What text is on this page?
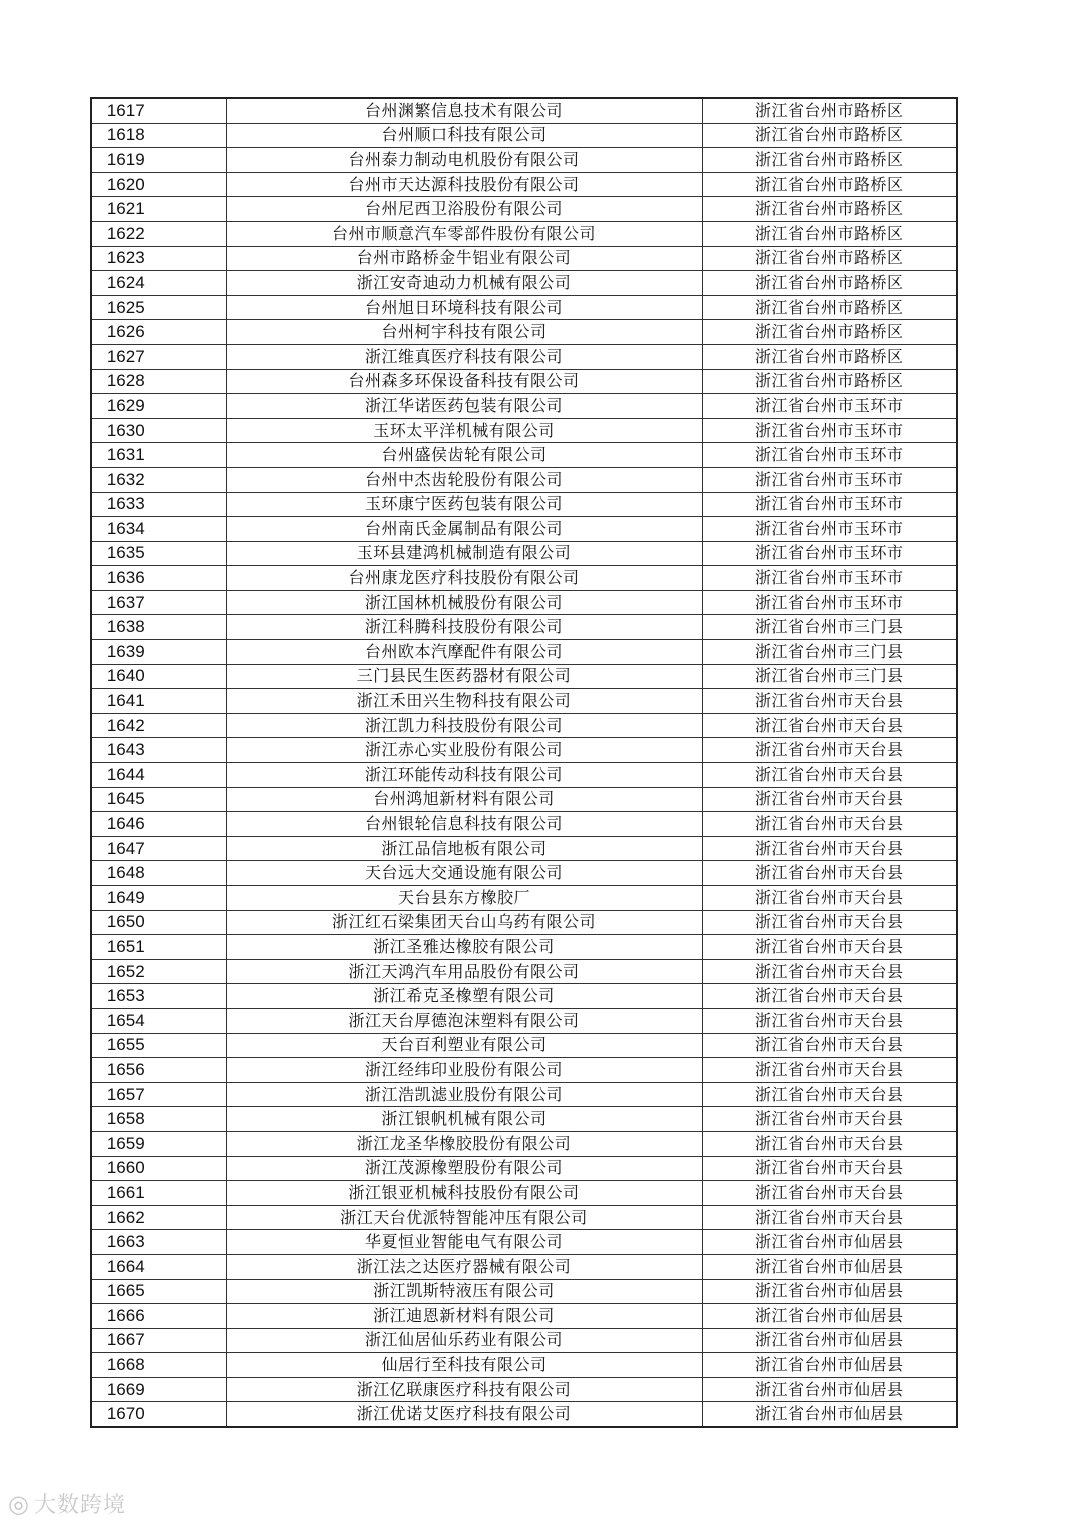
1617	台州渊繁信息技术有限公司	浙江省台州市路桥区
1618	台州顺口科技有限公司	浙江省台州市路桥区
1619	台州泰力制动电机股份有限公司	浙江省台州市路桥区
1620	台州市天达源科技股份有限公司	浙江省台州市路桥区
1621	台州尼西卫浴股份有限公司	浙江省台州市路桥区
1622	台州市顺意汽车零部件股份有限公司	浙江省台州市路桥区
1623	台州市路桥金牛铝业有限公司	浙江省台州市路桥区
1624	浙江安奇迪动力机械有限公司	浙江省台州市路桥区
1625	台州旭日环境科技有限公司	浙江省台州市路桥区
1626	台州柯宇科技有限公司	浙江省台州市路桥区
1627	浙江维真医疗科技有限公司	浙江省台州市路桥区
1628	台州森多环保设备科技有限公司	浙江省台州市路桥区
1629	浙江华诺医药包装有限公司	浙江省台州市玉环市
1630	玉环太平洋机械有限公司	浙江省台州市玉环市
1631	台州盛侯齿轮有限公司	浙江省台州市玉环市
1632	台州中杰齿轮股份有限公司	浙江省台州市玉环市
1633	玉环康宁医药包装有限公司	浙江省台州市玉环市
1634	台州南氏金属制品有限公司	浙江省台州市玉环市
1635	玉环县建鸿机械制造有限公司	浙江省台州市玉环市
1636	台州康龙医疗科技股份有限公司	浙江省台州市玉环市
1637	浙江国林机械股份有限公司	浙江省台州市玉环市
1638	浙江科腾科技股份有限公司	浙江省台州市三门县
1639	台州欧本汽摩配件有限公司	浙江省台州市三门县
1640	三门县民生医药器材有限公司	浙江省台州市三门县
1641	浙江禾田兴生物科技有限公司	浙江省台州市天台县
1642	浙江凯力科技股份有限公司	浙江省台州市天台县
1643	浙江赤心实业股份有限公司	浙江省台州市天台县
1644	浙江环能传动科技有限公司	浙江省台州市天台县
1645	台州鸿旭新材料有限公司	浙江省台州市天台县
1646	台州银轮信息科技有限公司	浙江省台州市天台县
1647	浙江品信地板有限公司	浙江省台州市天台县
1648	天台远大交通设施有限公司	浙江省台州市天台县
1649	天台县东方橡胶厂	浙江省台州市天台县
1650	浙江红石梁集团天台山乌药有限公司	浙江省台州市天台县
1651	浙江圣雅达橡胶有限公司	浙江省台州市天台县
1652	浙江天鸿汽车用品股份有限公司	浙江省台州市天台县
1653	浙江希克圣橡塑有限公司	浙江省台州市天台县
1654	浙江天台厚德泡沫塑料有限公司	浙江省台州市天台县
1655	天台百利塑业有限公司	浙江省台州市天台县
1656	浙江经纬印业股份有限公司	浙江省台州市天台县
1657	浙江浩凯滤业股份有限公司	浙江省台州市天台县
1658	浙江银帆机械有限公司	浙江省台州市天台县
1659	浙江龙圣华橡胶股份有限公司	浙江省台州市天台县
1660	浙江茂源橡塑股份有限公司	浙江省台州市天台县
1661	浙江银亚机械科技股份有限公司	浙江省台州市天台县
1662	浙江天台优派特智能冲压有限公司	浙江省台州市天台县
1663	华夏恒业智能电气有限公司	浙江省台州市仙居县
1664	浙江法之达医疗器械有限公司	浙江省台州市仙居县
1665	浙江凯斯特液压有限公司	浙江省台州市仙居县
1666	浙江迪恩新材料有限公司	浙江省台州市仙居县
1667	浙江仙居仙乐药业有限公司	浙江省台州市仙居县
1668	仙居行至科技有限公司	浙江省台州市仙居县
1669	浙江亿联康医疗科技有限公司	浙江省台州市仙居县
1670	浙江优诺艾医疗科技有限公司	浙江省台州市仙居县
◎ 大数跨境
